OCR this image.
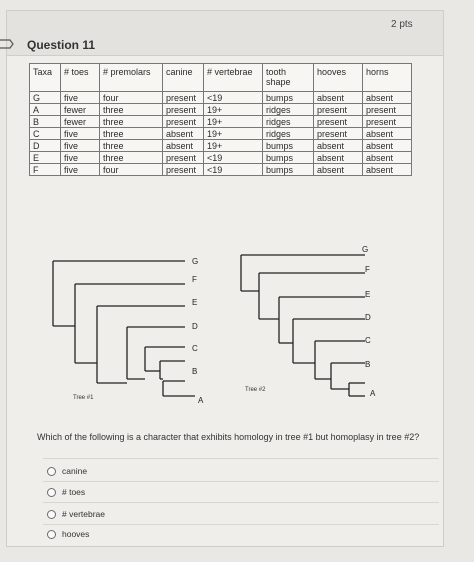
Question 11
2 pts
Taxa	# toes	# premolars	canine	# vertebrae	tooth shape	hooves	horns
G	five	four	present	<19	bumps	absent	absent
A	fewer	three	present	19+	ridges	present	present
B	fewer	three	present	19+	ridges	present	present
C	five	three	absent	19+	ridges	present	absent
D	five	three	absent	19+	bumps	absent	absent
E	five	three	present	<19	bumps	absent	absent
F	five	four	present	<19	bumps	absent	absent
G
F
E
D
C
B
A
Tree #1
G
F
E
D
C
B
A
Tree #2
Which of the following is a character that exhibits homology in tree #1 but homoplasy in tree #2?
canine
# toes
# vertebrae
hooves
